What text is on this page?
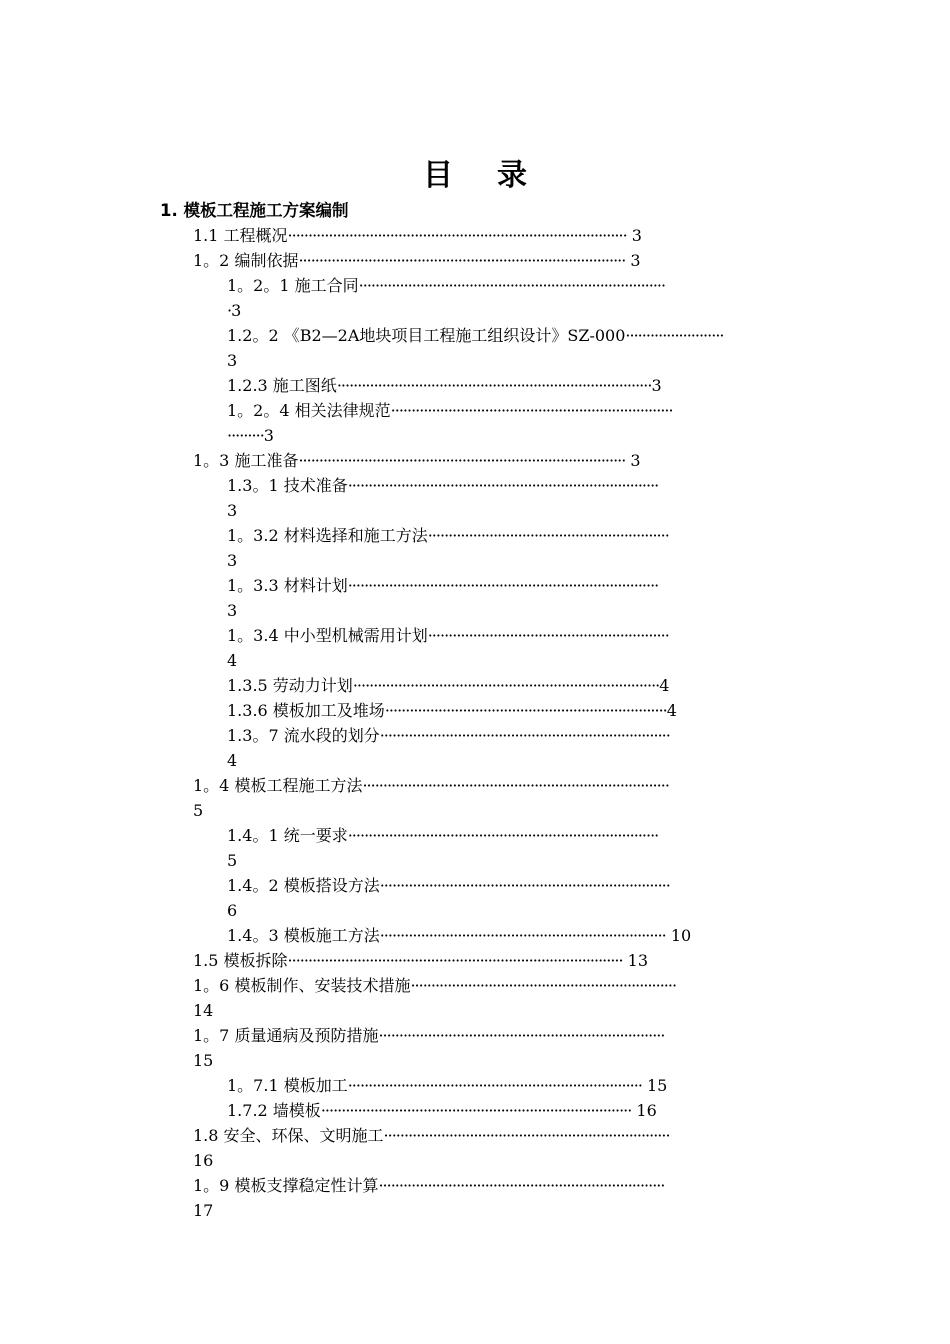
目 录
1. 模板工程施工方案编制
1.1 工程概况··················································································· 3
1。2 编制依据················································································ 3
1。2。1 施工合同···········································································
·3
1.2。2 《B2—2A地块项目工程施工组织设计》SZ-000························
3
1.2.3 施工图纸·············································································3
1。2。4 相关法律规范·····································································
·········3
1。3 施工准备················································································ 3
1.3。1 技术准备············································································
3
1。3.2 材料选择和施工方法···························································
3
1。3.3 材料计划············································································
3
1。3.4 中小型机械需用计划···························································
4
1.3.5 劳动力计划···········································································4
1.3.6 模板加工及堆场·····································································4
1.3。7 流水段的划分·······································································
4
1。4 模板工程施工方法···········································································
5
1.4。1 统一要求············································································
5
1.4。2 模板搭设方法·······································································
6
1.4。3 模板施工方法······································································ 10
1.5 模板拆除·················································································· 13
1。6 模板制作、安装技术措施·································································
14
1。7 质量通病及预防措施······································································
15
1。7.1 模板加工········································································ 15
1.7.2 墙模板············································································ 16
1.8 安全、环保、文明施工······································································
16
1。9 模板支撑稳定性计算······································································
17
